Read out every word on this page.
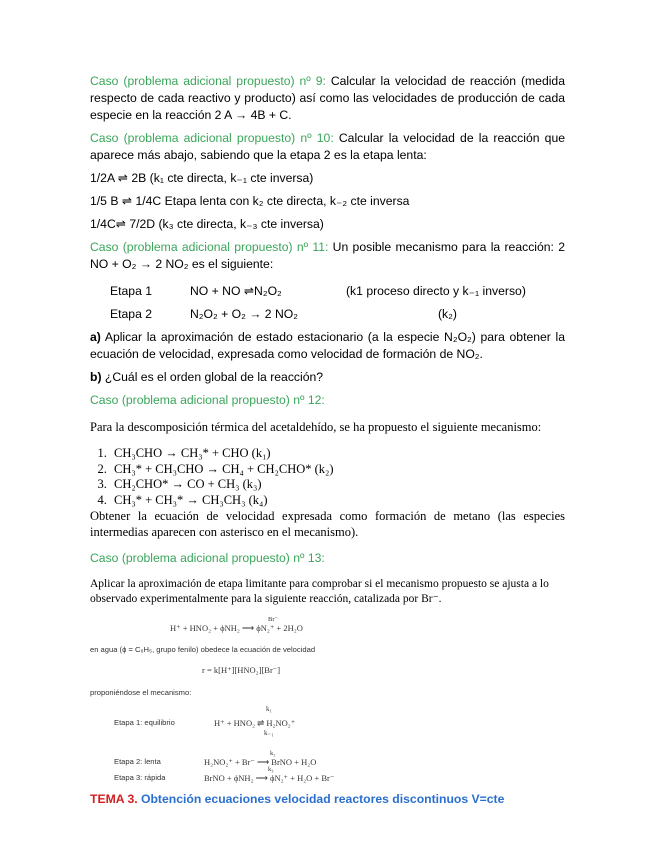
Caso (problema adicional propuesto) nº 9: Calcular la velocidad de reacción (medida respecto de cada reactivo y producto) así como las velocidades de producción de cada especie en la reacción 2 A → 4B + C.

Caso (problema adicional propuesto) nº 10: Calcular la velocidad de la reacción que aparece más abajo, sabiendo que la etapa 2 es la etapa lenta:

1/2A ⇌ 2B (k₁ cte directa, k₋₁ cte inversa)

1/5 B ⇌ 1/4C Etapa lenta con k₂ cte directa, k₋₂ cte inversa

1/4C⇌ 7/2D (k₃ cte directa, k₋₃ cte inversa)

Caso (problema adicional propuesto) nº 11: Un posible mecanismo para la reacción: 2 NO + O₂ → 2 NO₂ es el siguiente:

Etapa 1	NO + NO ⇌N₂O₂	(k1 proceso directo y k₋₁ inverso)
Etapa 2	N₂O₂ + O₂ → 2 NO₂	(k₂)

a) Aplicar la aproximación de estado estacionario (a la especie N₂O₂) para obtener la ecuación de velocidad, expresada como velocidad de formación de NO₂.

b) ¿Cuál es el orden global de la reacción?

Caso (problema adicional propuesto) nº 12:

Para la descomposición térmica del acetaldehído, se ha propuesto el siguiente mecanismo:

1. CH₃CHO → CH₃* + CHO (k₁)
2. CH₃* + CH₃CHO → CH₄ + CH₂CHO* (k₂)
3. CH₂CHO* → CO + CH₃ (k₃)
4. CH₃* + CH₃* → CH₃CH₃ (k₄)

Obtener la ecuación de velocidad expresada como formación de metano (las especies intermedias aparecen con asterisco en el mecanismo).

Caso (problema adicional propuesto) nº 13:

Aplicar la aproximación de etapa limitante para comprobar si el mecanismo propuesto se ajusta a lo observado experimentalmente para la siguiente reacción, catalizada por Br⁻.

H⁺ + HNO₂ + ϕNH₂ ⟶ ϕN₂⁺ + 2H₂O
Br⁻
en agua (ϕ = C₆H₅, grupo fenilo) obedece la ecuación de velocidad
r = k[H⁺][HNO₂][Br⁻]
proponiéndose el mecanismo:
Etapa 1: equilibrio
k₁
H⁺ + HNO₂ ⇌ H₂NO₂⁺
k₋₁
Etapa 2: lenta
k₂
H₂NO₂⁺ + Br⁻ ⟶ BrNO + H₂O
Etapa 3: rápida
k₃
BrNO + ϕNH₂ ⟶ ϕN₂⁺ + H₂O + Br⁻

TEMA 3. Obtención ecuaciones velocidad reactores discontinuos V=cte
